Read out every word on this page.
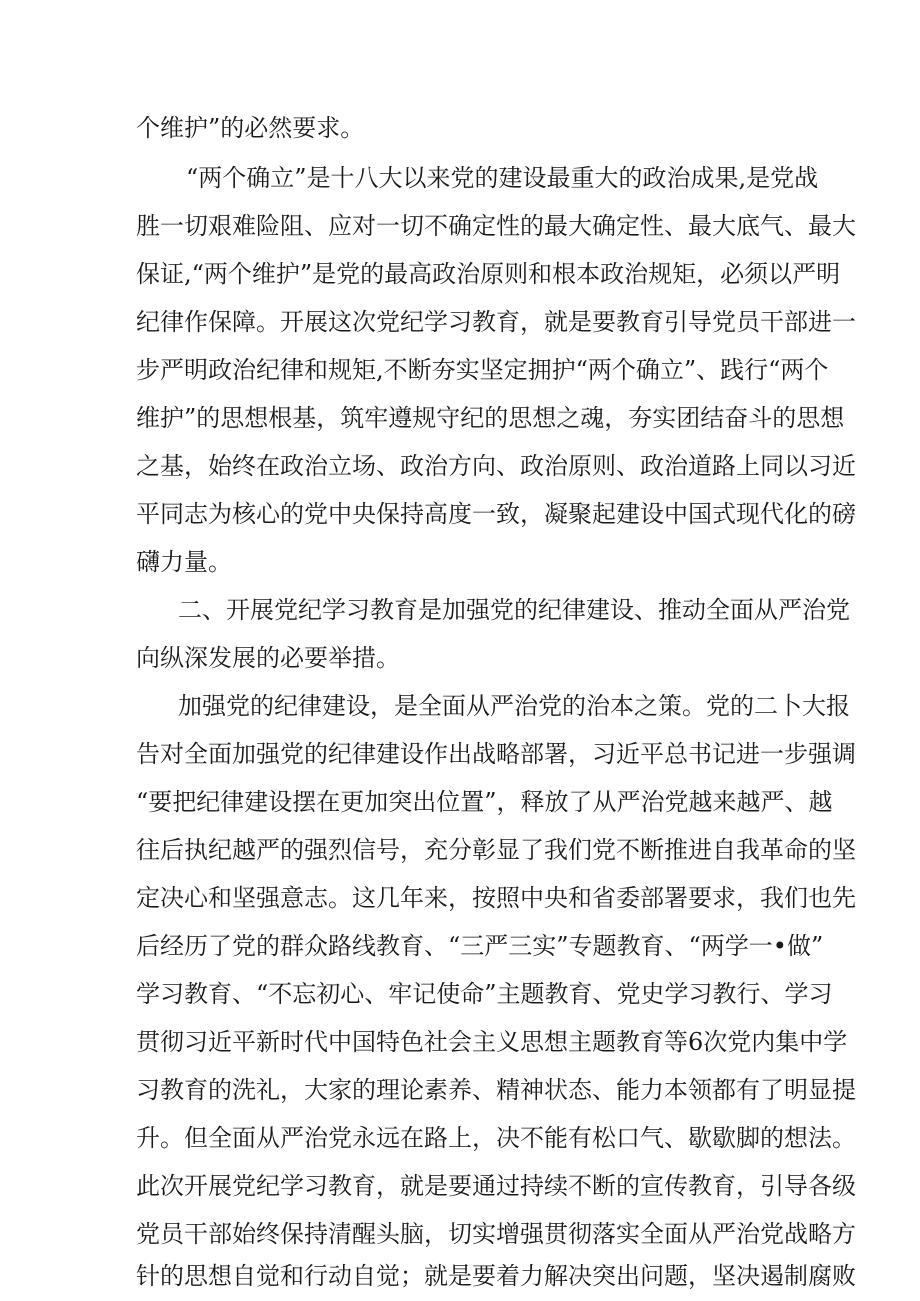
个维护”的必然要求。

“两个确立”是十八大以来党的建设最重大的政治成果,是党战

胜一切艰难险阻、应对一切不确定性的最大确定性、最大底气、最大

保证,“两个维护”是党的最高政治原则和根本政治规矩，必须以严明

纪律作保障。开展这次党纪学习教育，就是要教育引导党员干部进一

步严明政治纪律和规矩,不断夯实坚定拥护“两个确立”、践行“两个

维护”的思想根基，筑牢遵规守纪的思想之魂，夯实团结奋斗的思想

之基，始终在政治立场、政治方向、政治原则、政治道路上同以习近

平同志为核心的党中央保持高度一致，凝聚起建设中国式现代化的磅

礴力量。

二、开展党纪学习教育是加强党的纪律建设、推动全面从严治党

向纵深发展的必要举措。

加强党的纪律建设，是全面从严治党的治本之策。党的二卜大报

告对全面加强党的纪律建设作出战略部署，习近平总书记进一步强调

“要把纪律建设摆在更加突出位置”，释放了从严治党越来越严、越

往后执纪越严的强烈信号，充分彰显了我们党不断推进自我革命的坚

定决心和坚强意志。这几年来，按照中央和省委部署要求，我们也先

后经历了党的群众路线教育、“三严三实”专题教育、“两学一•做”

学习教育、“不忘初心、牢记使命”主题教育、党史学习教行、学习

贯彻习近平新时代中国特色社会主义思想主题教育等6次党内集中学

习教育的洗礼，大家的理论素养、精神状态、能力本领都有了明显提

升。但全面从严治党永远在路上，决不能有松口气、歇歇脚的想法。

此次开展党纪学习教育，就是要通过持续不断的宣传教育，引导各级

党员干部始终保持清醒头脑，切实增强贯彻落实全面从严治党战略方

针的思想自觉和行动自觉；就是要着力解决突出问题，坚决遏制腐败
